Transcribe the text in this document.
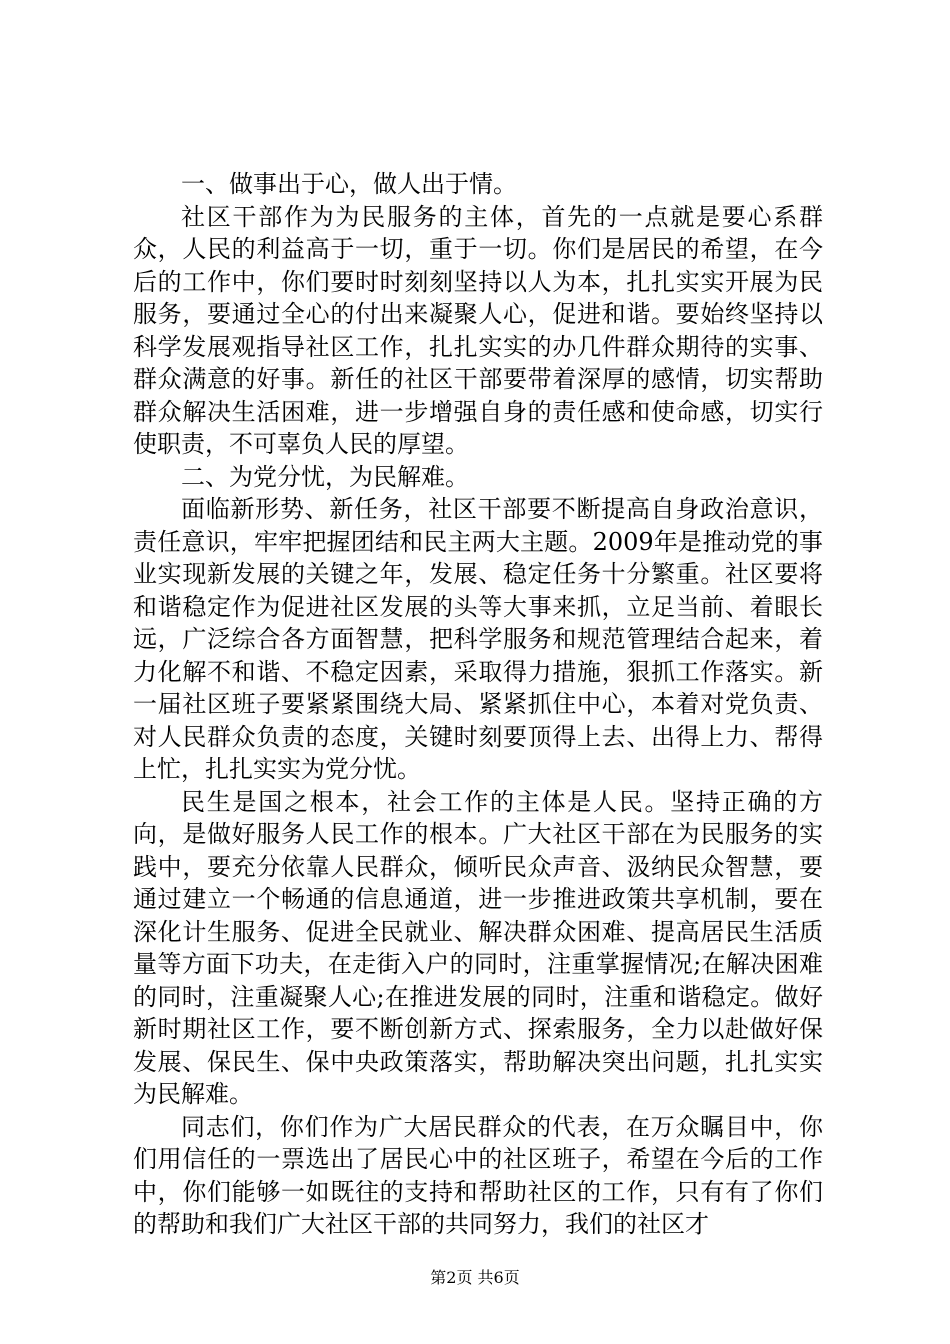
一、做事出于心，做人出于情。

社区干部作为为民服务的主体，首先的一点就是要心系群众，人民的利益高于一切，重于一切。你们是居民的希望，在今后的工作中，你们要时时刻刻坚持以人为本，扎扎实实开展为民服务，要通过全心的付出来凝聚人心，促进和谐。要始终坚持以科学发展观指导社区工作，扎扎实实的办几件群众期待的实事、群众满意的好事。新任的社区干部要带着深厚的感情，切实帮助群众解决生活困难，进一步增强自身的责任感和使命感，切实行使职责，不可辜负人民的厚望。

二、为党分忧，为民解难。

面临新形势、新任务，社区干部要不断提高自身政治意识，责任意识，牢牢把握团结和民主两大主题。2009年是推动党的事业实现新发展的关键之年，发展、稳定任务十分繁重。社区要将和谐稳定作为促进社区发展的头等大事来抓，立足当前、着眼长远，广泛综合各方面智慧，把科学服务和规范管理结合起来，着力化解不和谐、不稳定因素，采取得力措施，狠抓工作落实。新一届社区班子要紧紧围绕大局、紧紧抓住中心，本着对党负责、对人民群众负责的态度，关键时刻要顶得上去、出得上力、帮得上忙，扎扎实实为党分忧。

民生是国之根本，社会工作的主体是人民。坚持正确的方向，是做好服务人民工作的根本。广大社区干部在为民服务的实践中，要充分依靠人民群众，倾听民众声音、汲纳民众智慧，要通过建立一个畅通的信息通道，进一步推进政策共享机制，要在深化计生服务、促进全民就业、解决群众困难、提高居民生活质量等方面下功夫，在走街入户的同时，注重掌握情况;在解决困难的同时，注重凝聚人心;在推进发展的同时，注重和谐稳定。做好新时期社区工作，要不断创新方式、探索服务，全力以赴做好保发展、保民生、保中央政策落实，帮助解决突出问题，扎扎实实为民解难。

同志们，你们作为广大居民群众的代表，在万众瞩目中，你们用信任的一票选出了居民心中的社区班子，希望在今后的工作中，你们能够一如既往的支持和帮助社区的工作，只有有了你们的帮助和我们广大社区干部的共同努力，我们的社区才

第2页 共6页
